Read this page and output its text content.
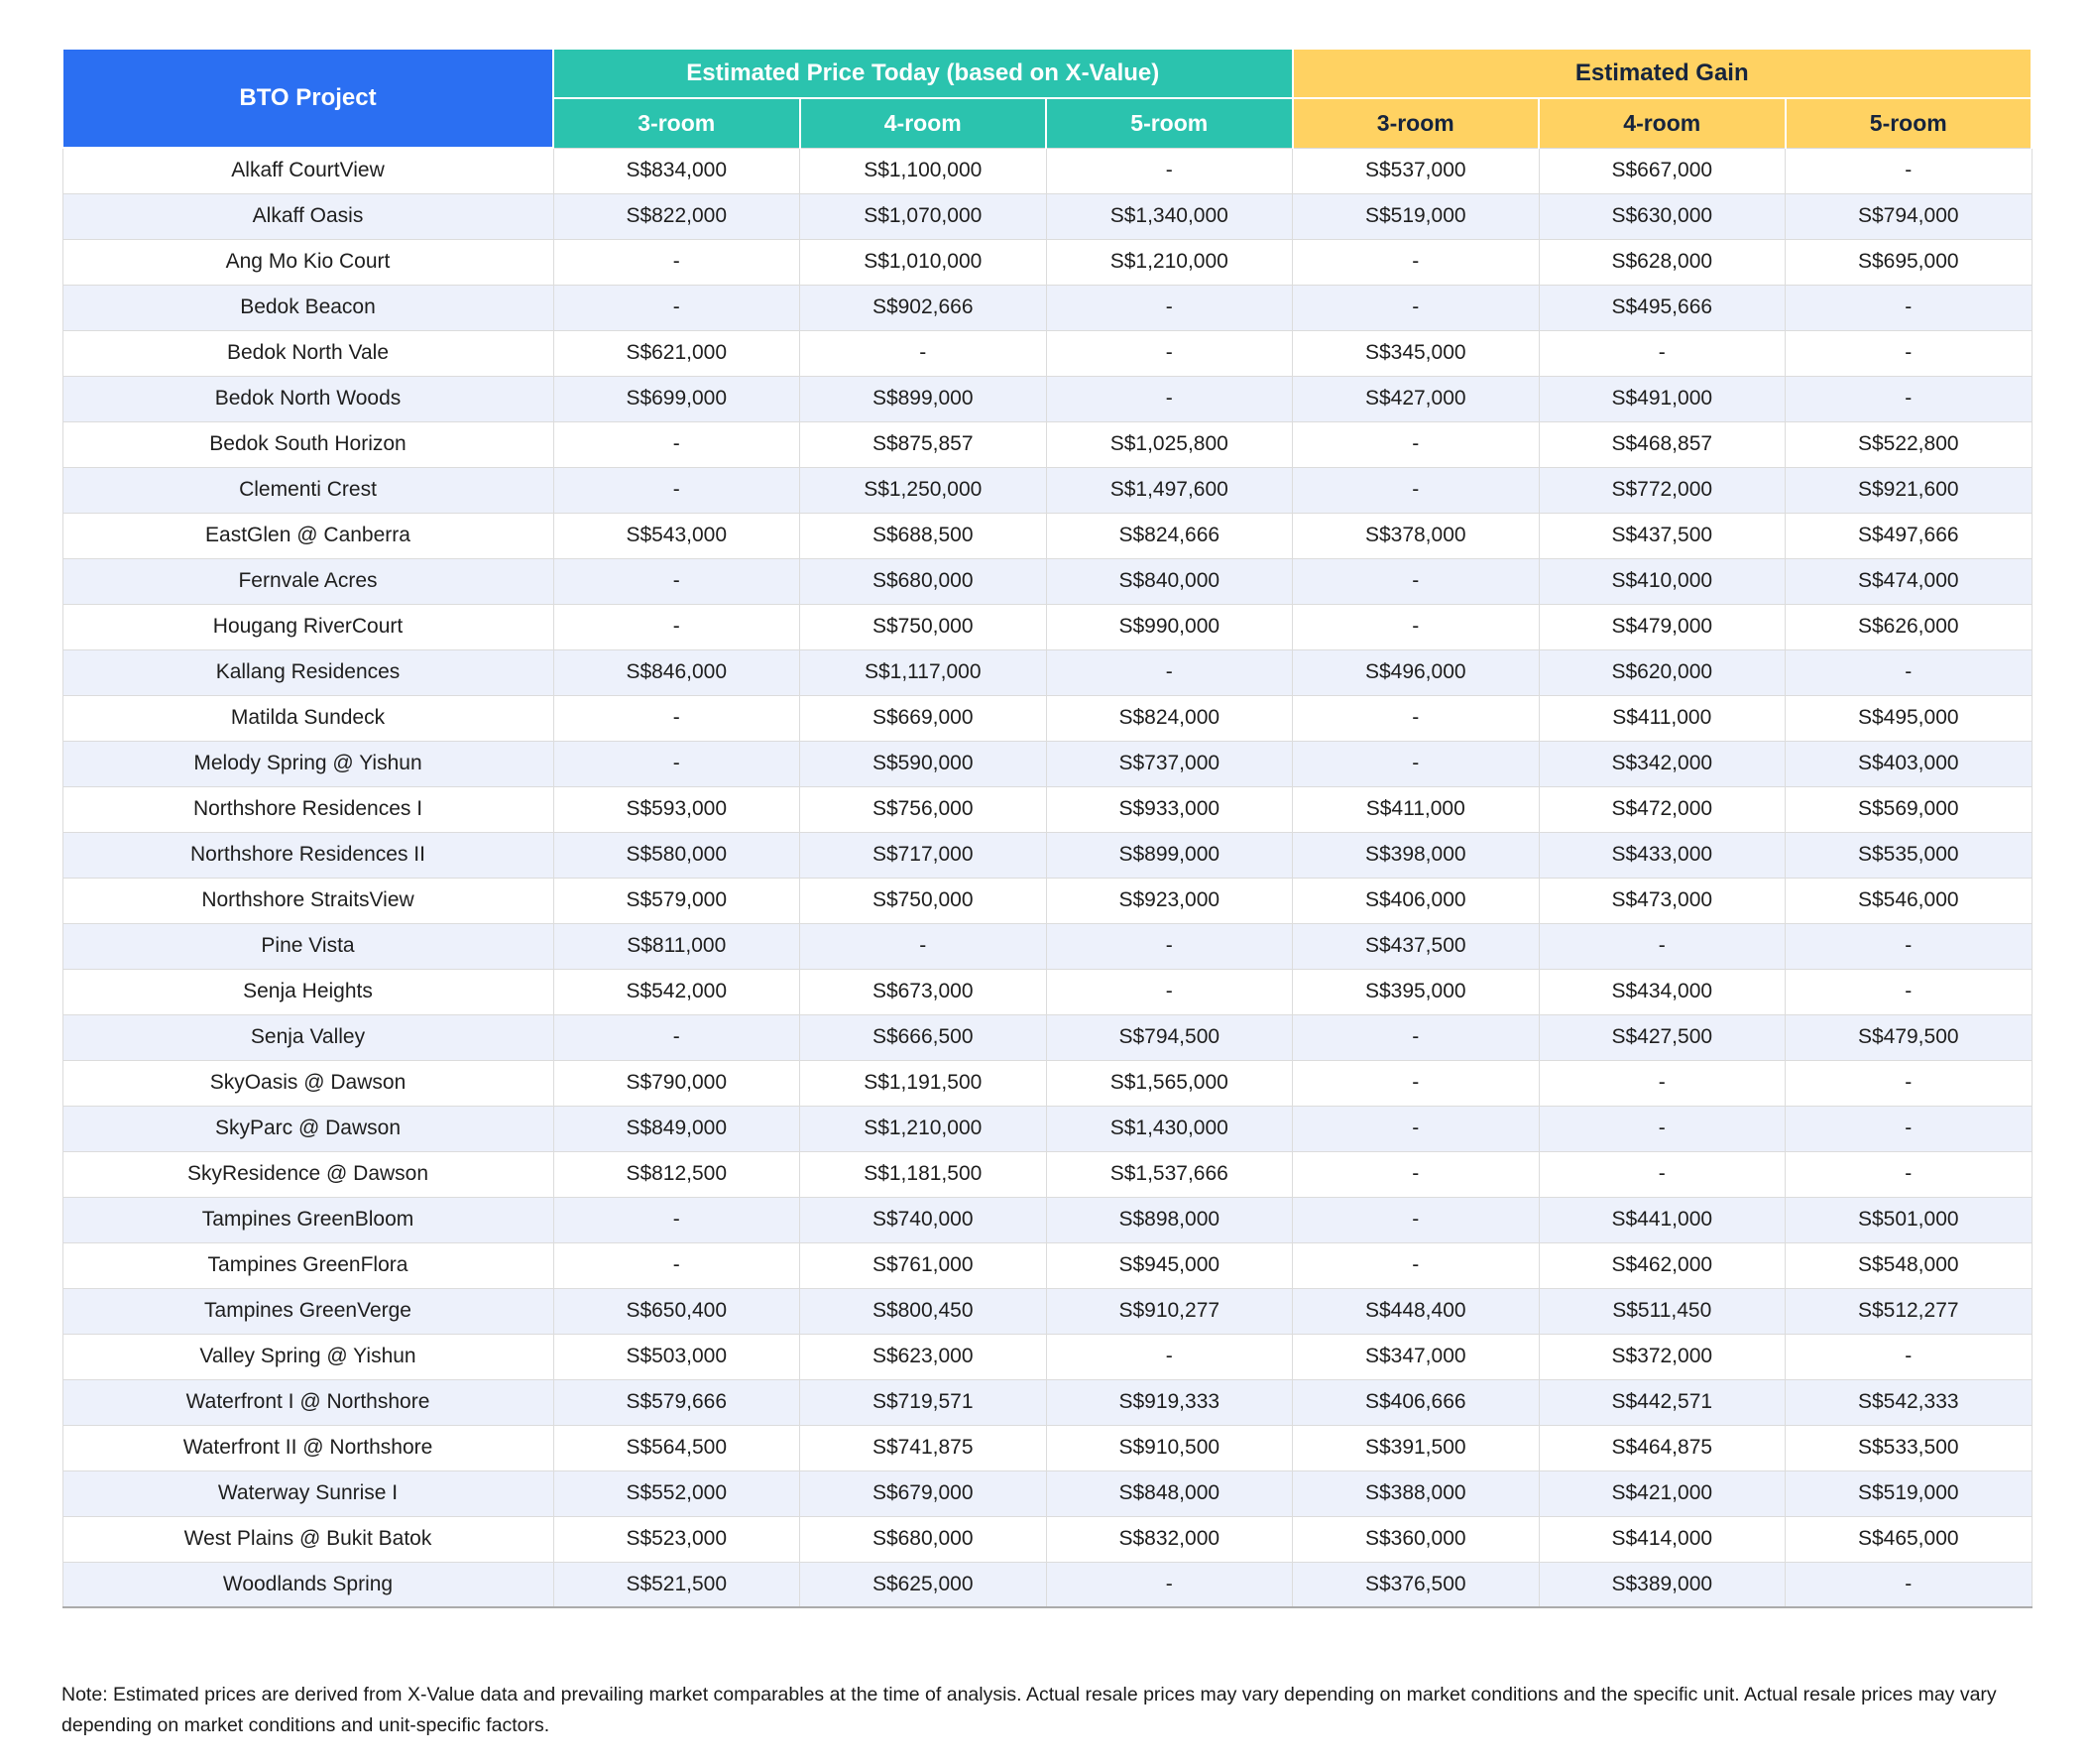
BTO Project	Estimated Price Today (based on X-Value)			Estimated Gain		
	3-room	4-room	5-room	3-room	4-room	5-room
Alkaff CourtView	S$834,000	S$1,100,000	-	S$537,000	S$667,000	-
Alkaff Oasis	S$822,000	S$1,070,000	S$1,340,000	S$519,000	S$630,000	S$794,000
Ang Mo Kio Court	-	S$1,010,000	S$1,210,000	-	S$628,000	S$695,000
Bedok Beacon	-	S$902,666	-	-	S$495,666	-
Bedok North Vale	S$621,000	-	-	S$345,000	-	-
Bedok North Woods	S$699,000	S$899,000	-	S$427,000	S$491,000	-
Bedok South Horizon	-	S$875,857	S$1,025,800	-	S$468,857	S$522,800
Clementi Crest	-	S$1,250,000	S$1,497,600	-	S$772,000	S$921,600
EastGlen @ Canberra	S$543,000	S$688,500	S$824,666	S$378,000	S$437,500	S$497,666
Fernvale Acres	-	S$680,000	S$840,000	-	S$410,000	S$474,000
Hougang RiverCourt	-	S$750,000	S$990,000	-	S$479,000	S$626,000
Kallang Residences	S$846,000	S$1,117,000	-	S$496,000	S$620,000	-
Matilda Sundeck	-	S$669,000	S$824,000	-	S$411,000	S$495,000
Melody Spring @ Yishun	-	S$590,000	S$737,000	-	S$342,000	S$403,000
Northshore Residences I	S$593,000	S$756,000	S$933,000	S$411,000	S$472,000	S$569,000
Northshore Residences II	S$580,000	S$717,000	S$899,000	S$398,000	S$433,000	S$535,000
Northshore StraitsView	S$579,000	S$750,000	S$923,000	S$406,000	S$473,000	S$546,000
Pine Vista	S$811,000	-	-	S$437,500	-	-
Senja Heights	S$542,000	S$673,000	-	S$395,000	S$434,000	-
Senja Valley	-	S$666,500	S$794,500	-	S$427,500	S$479,500
SkyOasis @ Dawson	S$790,000	S$1,191,500	S$1,565,000	-	-	-
SkyParc @ Dawson	S$849,000	S$1,210,000	S$1,430,000	-	-	-
SkyResidence @ Dawson	S$812,500	S$1,181,500	S$1,537,666	-	-	-
Tampines GreenBloom	-	S$740,000	S$898,000	-	S$441,000	S$501,000
Tampines GreenFlora	-	S$761,000	S$945,000	-	S$462,000	S$548,000
Tampines GreenVerge	S$650,400	S$800,450	S$910,277	S$448,400	S$511,450	S$512,277
Valley Spring @ Yishun	S$503,000	S$623,000	-	S$347,000	S$372,000	-
Waterfront I @ Northshore	S$579,666	S$719,571	S$919,333	S$406,666	S$442,571	S$542,333
Waterfront II @ Northshore	S$564,500	S$741,875	S$910,500	S$391,500	S$464,875	S$533,500
Waterway Sunrise I	S$552,000	S$679,000	S$848,000	S$388,000	S$421,000	S$519,000
West Plains @ Bukit Batok	S$523,000	S$680,000	S$832,000	S$360,000	S$414,000	S$465,000
Woodlands Spring	S$521,500	S$625,000	-	S$376,500	S$389,000	-

Note: Estimated prices are derived from X-Value data and prevailing market comparables at the time of analysis. Actual resale prices may vary depending on market conditions and the specific unit. Actual resale prices may vary depending on market conditions and unit-specific factors.
